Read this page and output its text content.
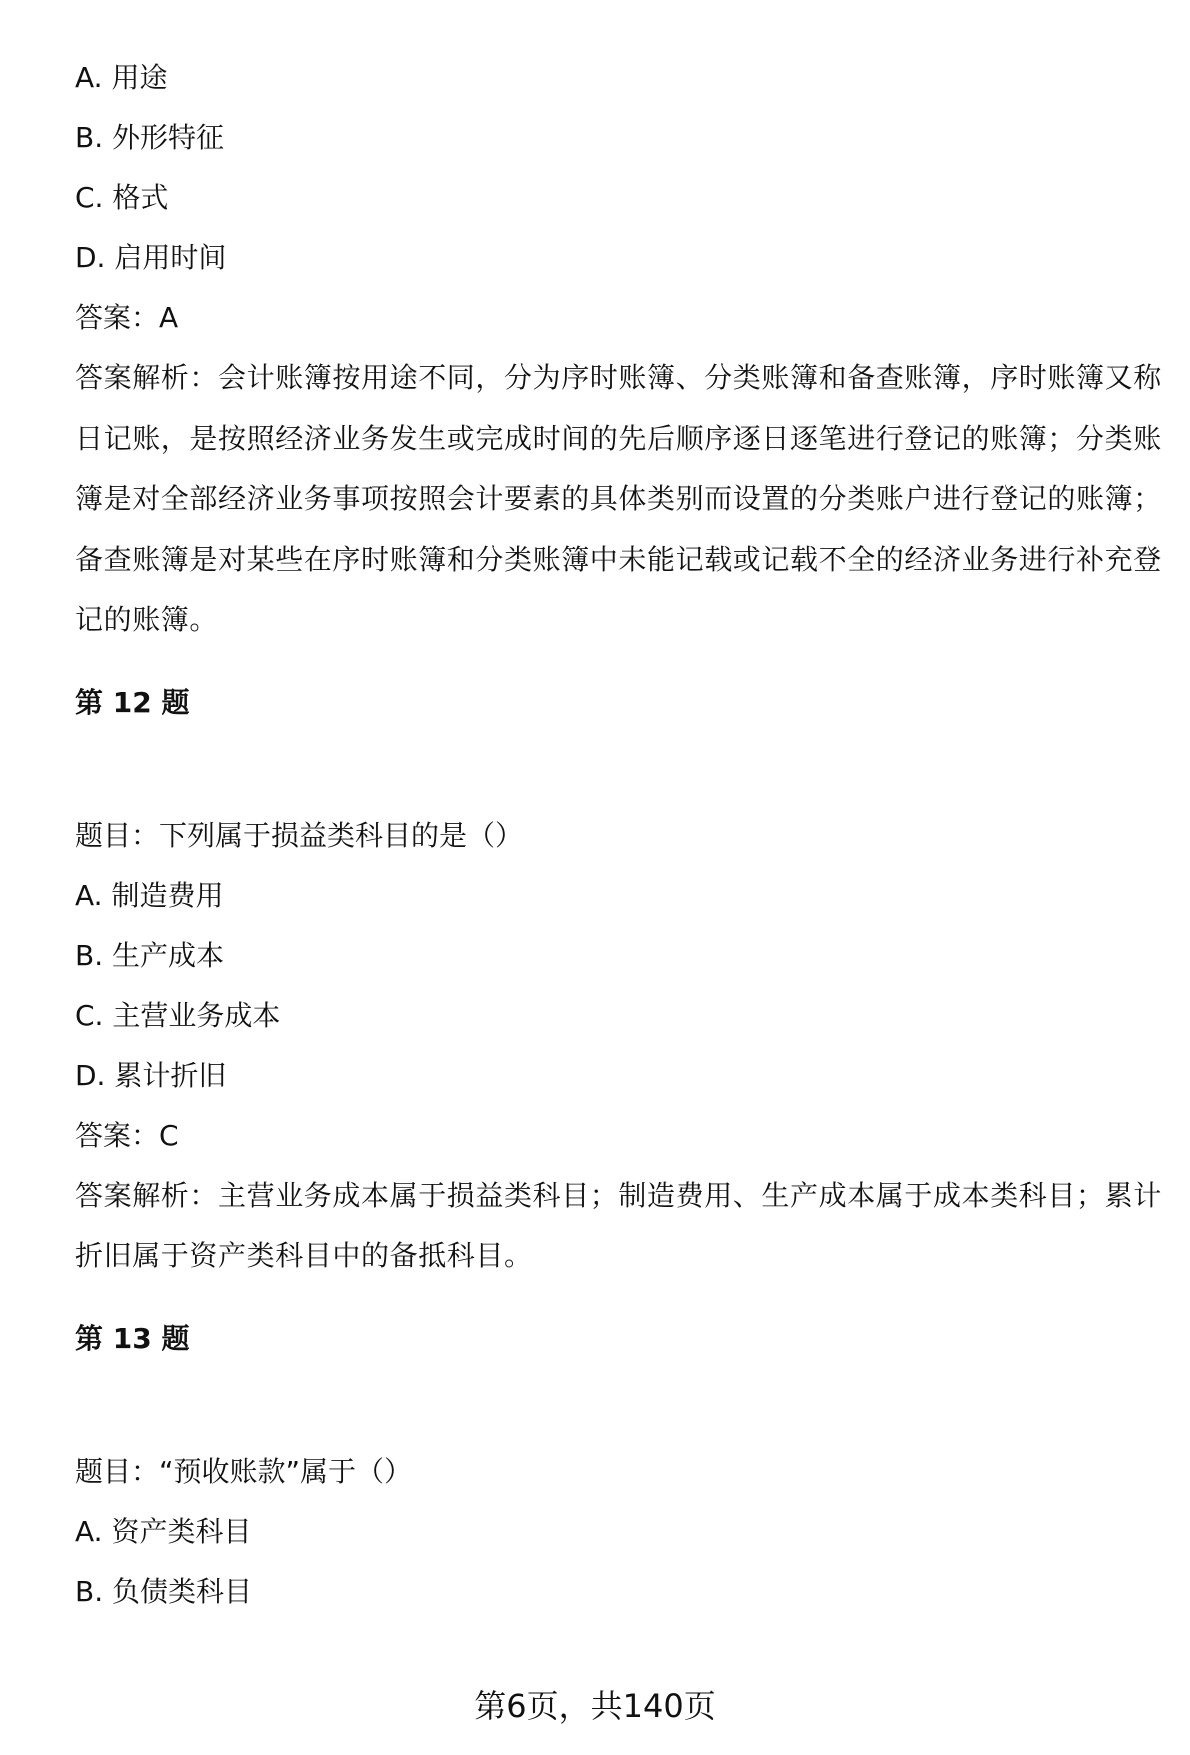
A. 用途
B. 外形特征
C. 格式
D. 启用时间
答案：A
答案解析：会计账簿按用途不同，分为序时账簿、分类账簿和备查账簿，序时账簿又称日记账，是按照经济业务发生或完成时间的先后顺序逐日逐笔进行登记的账簿；分类账簿是对全部经济业务事项按照会计要素的具体类别而设置的分类账户进行登记的账簿；备查账簿是对某些在序时账簿和分类账簿中未能记载或记载不全的经济业务进行补充登记的账簿。
第 12 题
题目：下列属于损益类科目的是（）
A. 制造费用
B. 生产成本
C. 主营业务成本
D. 累计折旧
答案：C
答案解析：主营业务成本属于损益类科目；制造费用、生产成本属于成本类科目；累计折旧属于资产类科目中的备抵科目。
第 13 题
题目：“预收账款”属于（）
A. 资产类科目
B. 负债类科目
第6页，共140页
